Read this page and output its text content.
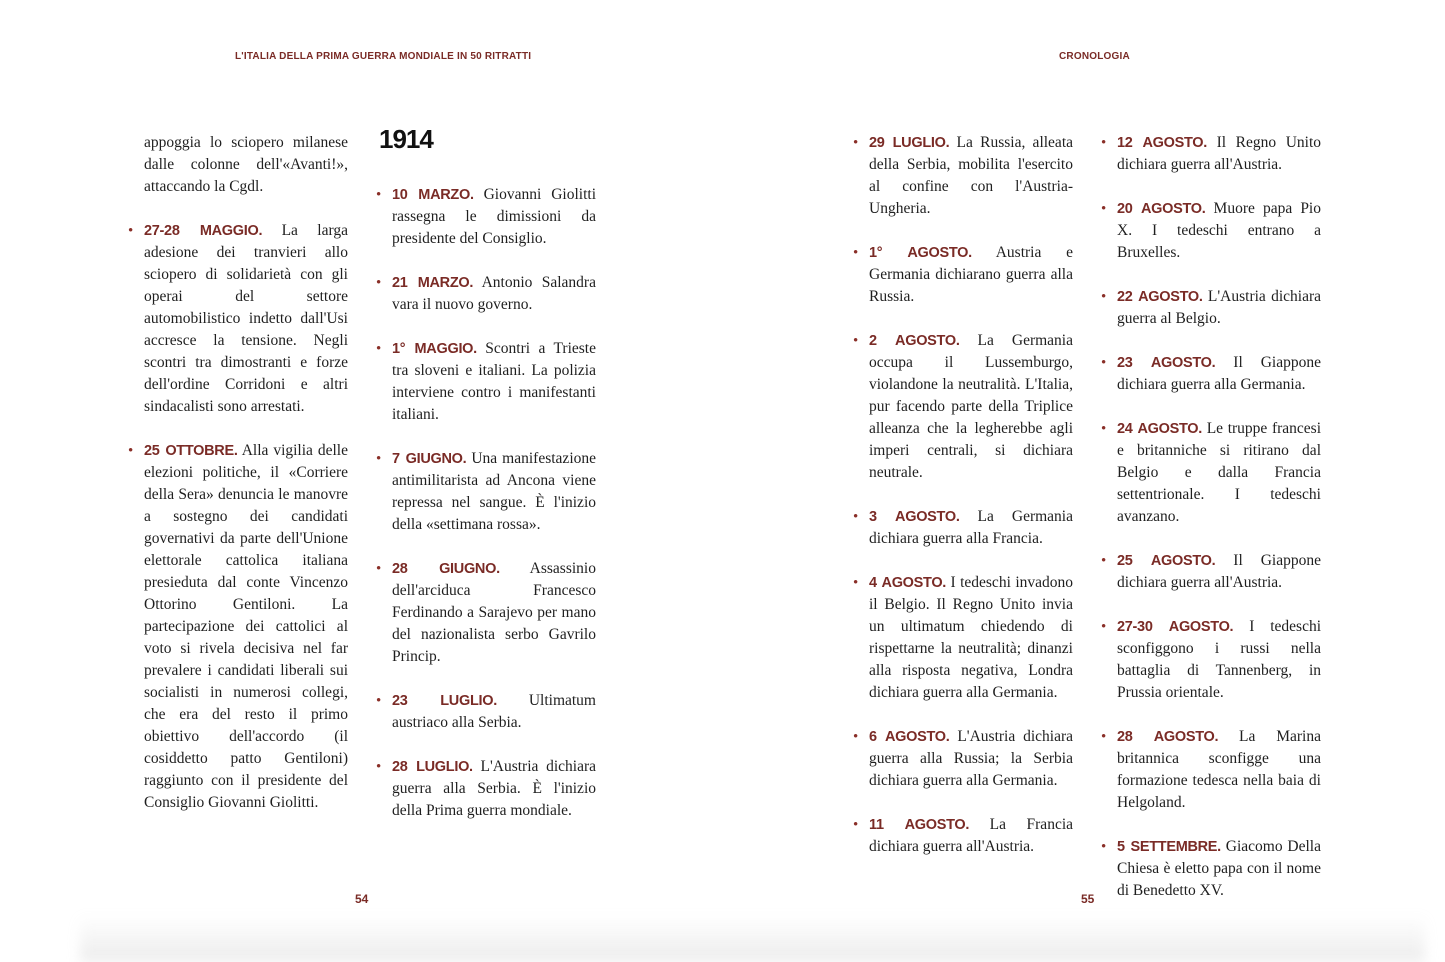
L'ITALIA DELLA PRIMA GUERRA MONDIALE IN 50 RITRATTI

appoggia lo sciopero milanese dalle colonne dell'«Avanti!», attaccando la Cgdl.

• 27-28 MAGGIO. La larga adesione dei tranvieri allo sciopero di solidarietà con gli operai del settore automobilistico indetto dall'Usi accresce la tensione. Negli scontri tra dimostranti e forze dell'ordine Corridoni e altri sindacalisti sono arrestati.
• 25 OTTOBRE. Alla vigilia delle elezioni politiche, il «Corriere della Sera» denuncia le manovre a sostegno dei candidati governativi da parte dell'Unione elettorale cattolica italiana presieduta dal conte Vincenzo Ottorino Gentiloni. La partecipazione dei cattolici al voto si rivela decisiva nel far prevalere i candidati liberali sui socialisti in numerosi collegi, che era del resto il primo obiettivo dell'accordo (il cosiddetto patto Gentiloni) raggiunto con il presidente del Consiglio Giovanni Giolitti.
1914
• 10 MARZO. Giovanni Giolitti rassegna le dimissioni da presidente del Consiglio.
• 21 MARZO. Antonio Salandra vara il nuovo governo.
• 1° MAGGIO. Scontri a Trieste tra sloveni e italiani. La polizia interviene contro i manifestanti italiani.
• 7 GIUGNO. Una manifestazione antimilitarista ad Ancona viene repressa nel sangue. È l'inizio della «settimana rossa».
• 28 GIUGNO. Assassinio dell'arciduca Francesco Ferdinando a Sarajevo per mano del nazionalista serbo Gavrilo Princip.
• 23 LUGLIO. Ultimatum austriaco alla Serbia.
• 28 LUGLIO. L'Austria dichiara guerra alla Serbia. È l'inizio della Prima guerra mondiale.
54
CRONOLOGIA
• 29 LUGLIO. La Russia, alleata della Serbia, mobilita l'esercito al confine con l'Austria-Ungheria.
• 1° AGOSTO. Austria e Germania dichiarano guerra alla Russia.
• 2 AGOSTO. La Germania occupa il Lussemburgo, violandone la neutralità. L'Italia, pur facendo parte della Triplice alleanza che la legherebbe agli imperi centrali, si dichiara neutrale.
• 3 AGOSTO. La Germania dichiara guerra alla Francia.
• 4 AGOSTO. I tedeschi invadono il Belgio. Il Regno Unito invia un ultimatum chiedendo di rispettarne la neutralità; dinanzi alla risposta negativa, Londra dichiara guerra alla Germania.
• 6 AGOSTO. L'Austria dichiara guerra alla Russia; la Serbia dichiara guerra alla Germania.
• 11 AGOSTO. La Francia dichiara guerra all'Austria.
• 12 AGOSTO. Il Regno Unito dichiara guerra all'Austria.
• 20 AGOSTO. Muore papa Pio X. I tedeschi entrano a Bruxelles.
• 22 AGOSTO. L'Austria dichiara guerra al Belgio.
• 23 AGOSTO. Il Giappone dichiara guerra alla Germania.
• 24 AGOSTO. Le truppe francesi e britanniche si ritirano dal Belgio e dalla Francia settentrionale. I tedeschi avanzano.
• 25 AGOSTO. Il Giappone dichiara guerra all'Austria.
• 27-30 AGOSTO. I tedeschi sconfiggono i russi nella battaglia di Tannenberg, in Prussia orientale.
• 28 AGOSTO. La Marina britannica sconfigge una formazione tedesca nella baia di Helgoland.
• 5 SETTEMBRE. Giacomo Della Chiesa è eletto papa con il nome di Benedetto XV.
55
